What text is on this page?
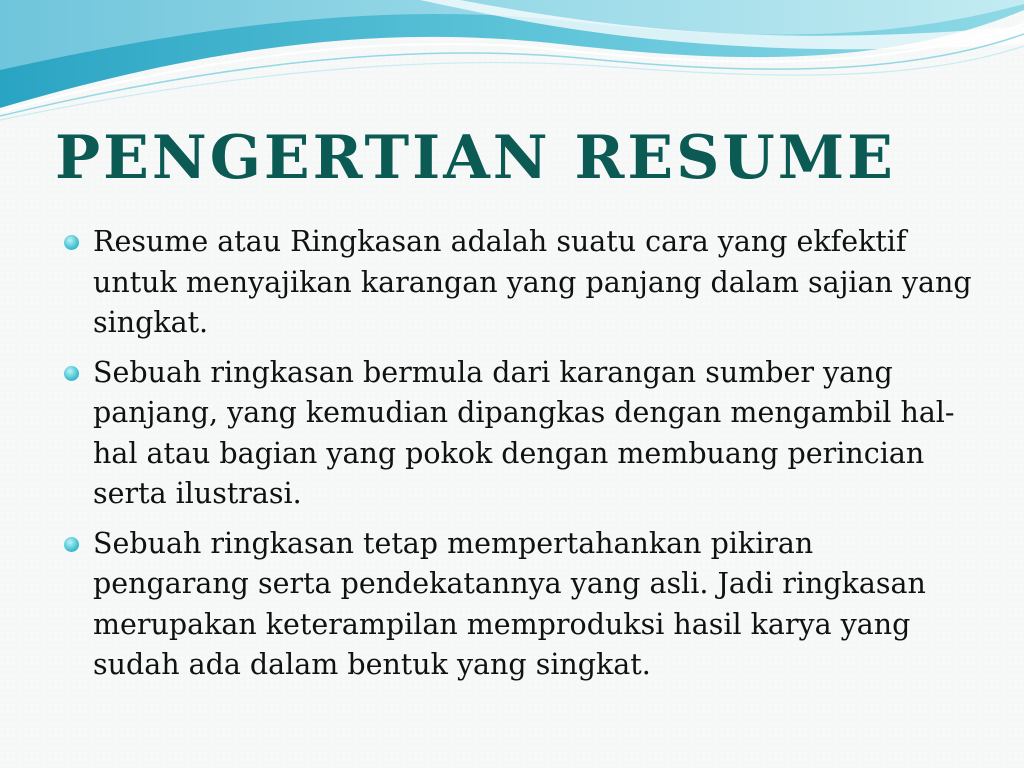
PENGERTIAN RESUME
Resume atau Ringkasan adalah suatu cara yang ekfektif untuk menyajikan karangan yang panjang dalam sajian yang singkat.
Sebuah ringkasan bermula dari karangan sumber yang panjang, yang kemudian dipangkas dengan mengambil hal-hal atau bagian yang pokok dengan membuang perincian serta ilustrasi.
Sebuah ringkasan tetap mempertahankan pikiran pengarang serta pendekatannya yang asli. Jadi ringkasan merupakan keterampilan memproduksi hasil karya yang sudah ada dalam bentuk yang singkat.
